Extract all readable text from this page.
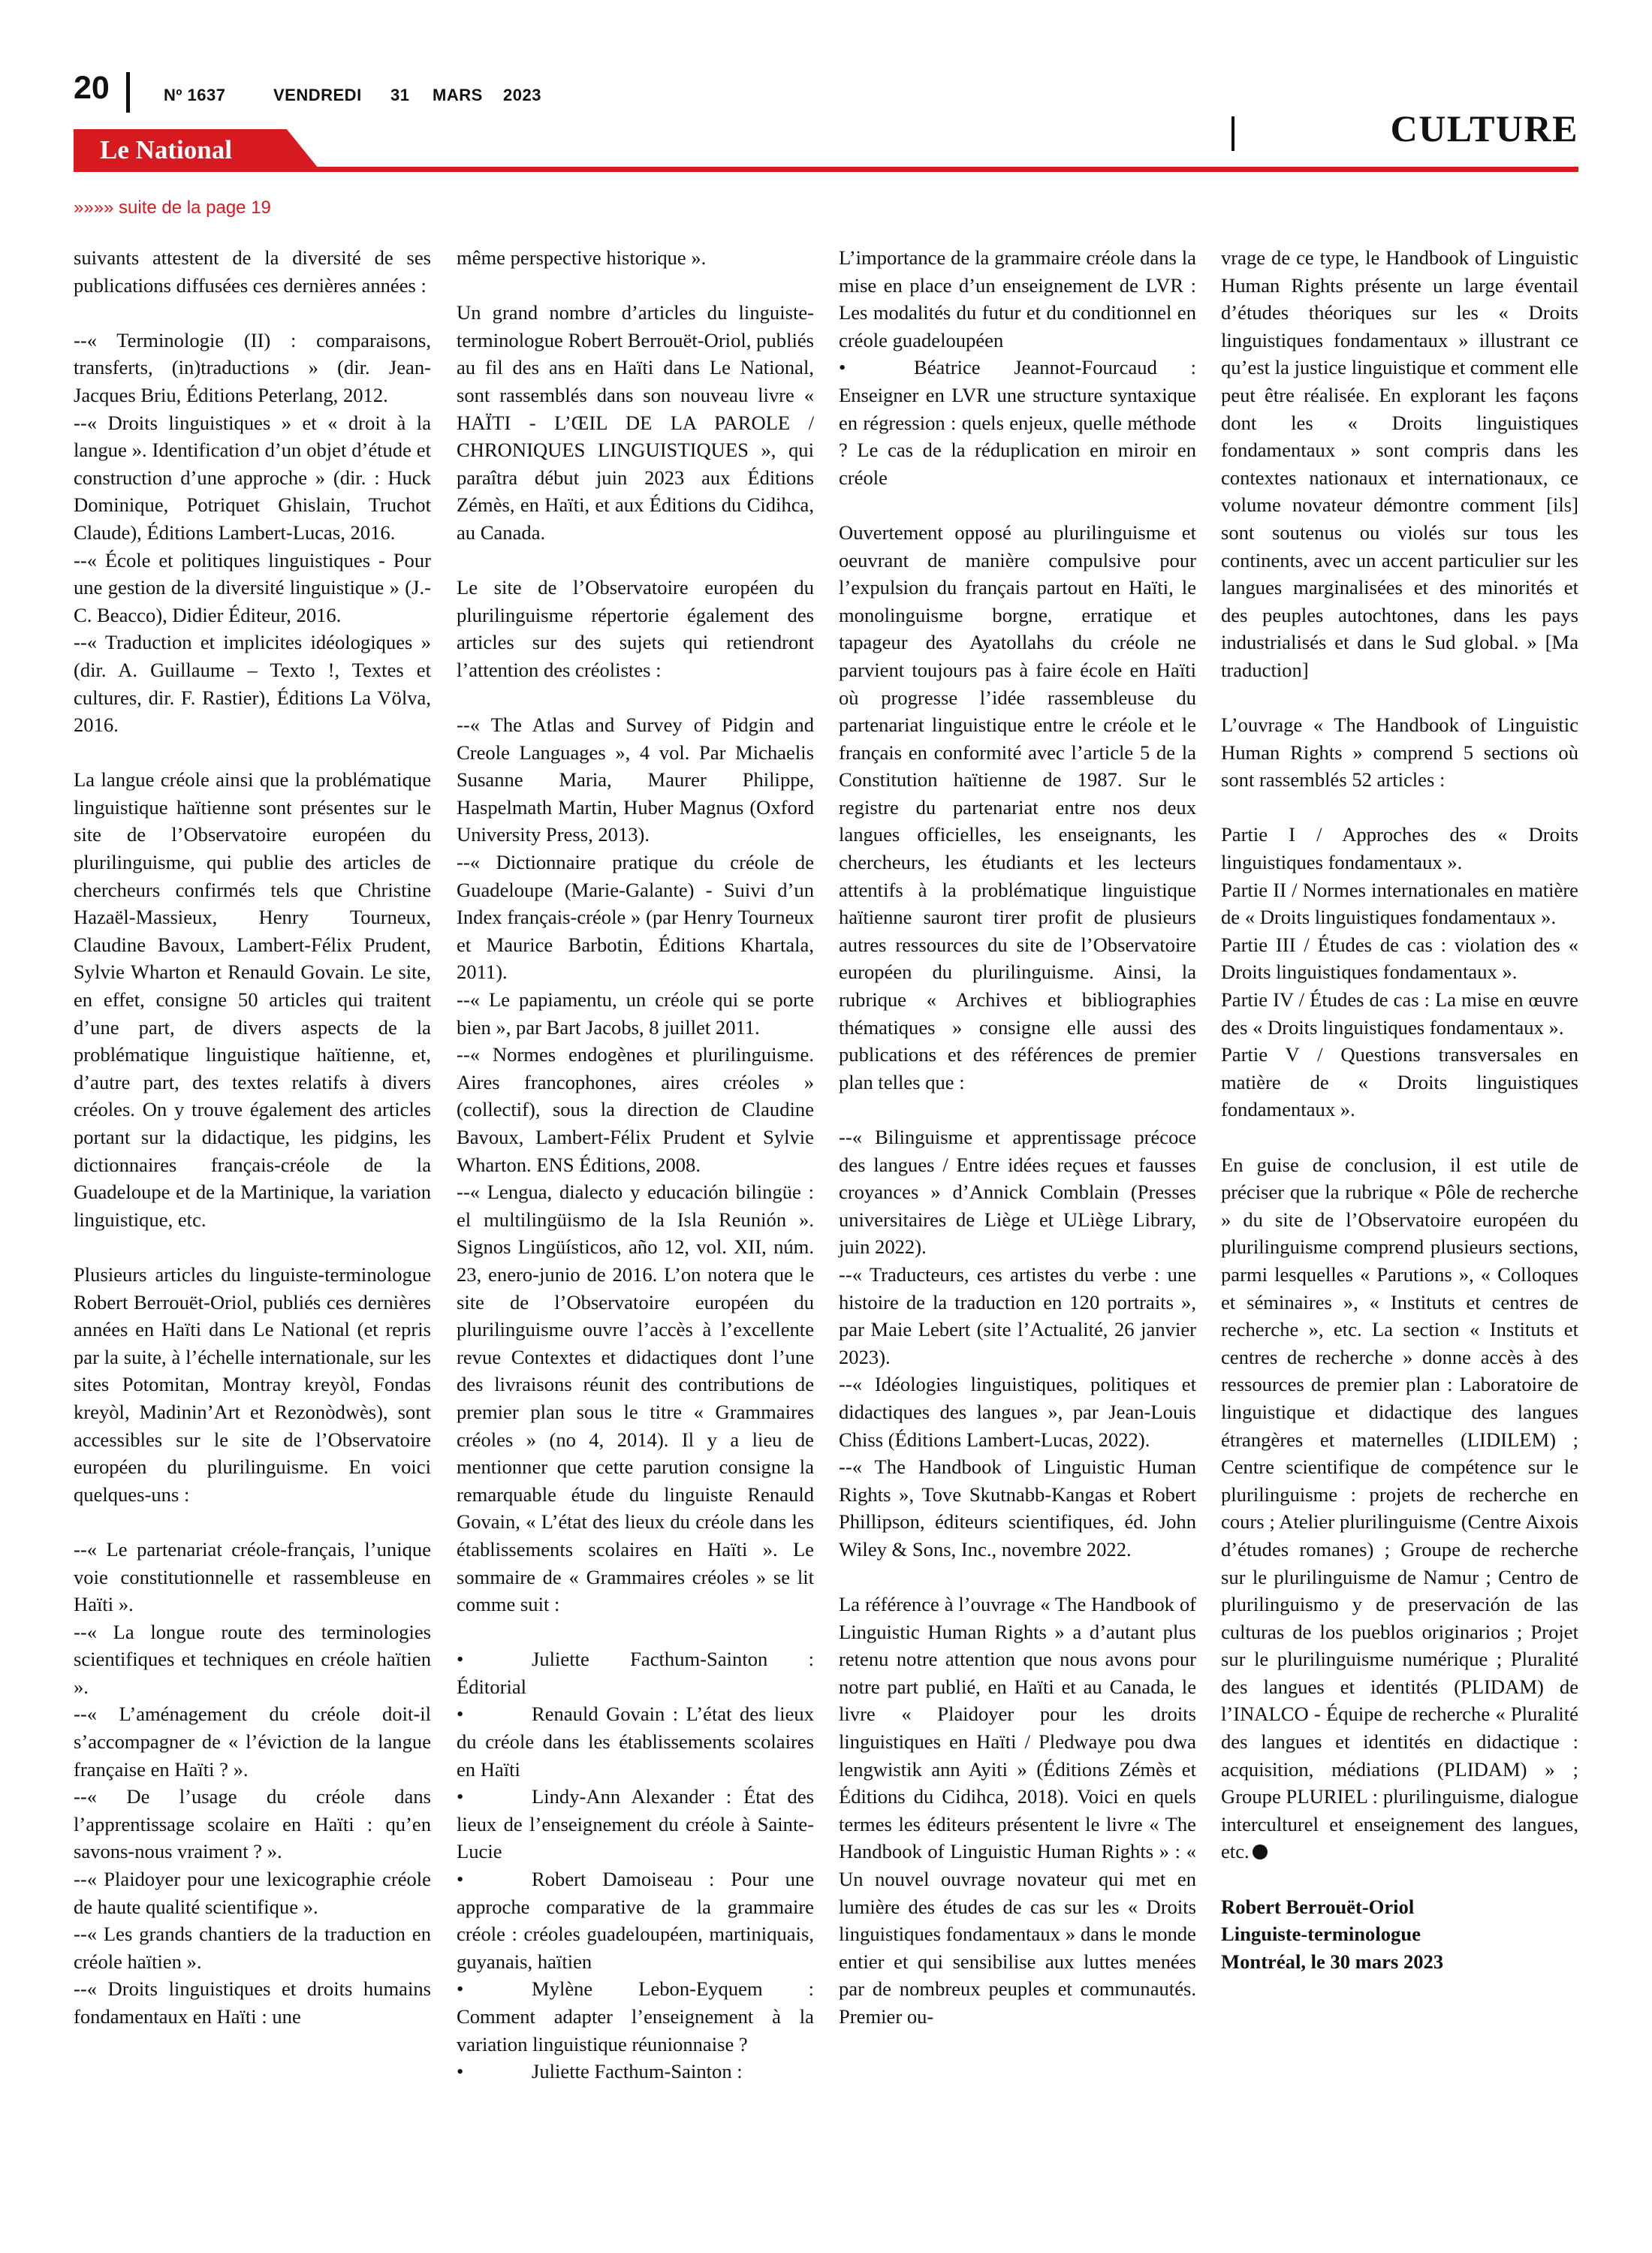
20	Nº 1637	VENDREDI 31 MARS 2023
CULTURE
Le National
»»»» suite de la page 19

suivants attestent de la diversité de ses publications diffusées ces dernières années :

--« Terminologie (II) : comparaisons, transferts, (in)traductions » (dir. Jean-Jacques Briu, Éditions Peterlang, 2012.

--« Droits linguistiques » et « droit à la langue ». Identification d’un objet d’étude et construction d’une approche » (dir. : Huck Dominique, Potriquet Ghislain, Truchot Claude), Éditions Lambert-Lucas, 2016.

--« École et politiques linguistiques - Pour une gestion de la diversité linguistique » (J.-C. Beacco), Didier Éditeur, 2016.

--« Traduction et implicites idéologiques » (dir. A. Guillaume – Texto !, Textes et cultures, dir. F. Rastier), Éditions La Völva, 2016.

La langue créole ainsi que la problématique linguistique haïtienne sont présentes sur le site de l’Observatoire européen du plurilinguisme, qui publie des articles de chercheurs confirmés tels que Christine Hazaël-Massieux, Henry Tourneux, Claudine Bavoux, Lambert-Félix Prudent, Sylvie Wharton et Renauld Govain. Le site, en effet, consigne 50 articles qui traitent d’une part, de divers aspects de la problématique linguistique haïtienne, et, d’autre part, des textes relatifs à divers créoles. On y trouve également des articles portant sur la didactique, les pidgins, les dictionnaires français-créole de la Guadeloupe et de la Martinique, la variation linguistique, etc.

Plusieurs articles du linguiste-terminologue Robert Berrouët-Oriol, publiés ces dernières années en Haïti dans Le National (et repris par la suite, à l’échelle internationale, sur les sites Potomitan, Montray kreyòl, Fondas kreyòl, Madinin’Art et Rezonòdwès), sont accessibles sur le site de l’Observatoire européen du plurilinguisme. En voici quelques-uns :

--« Le partenariat créole-français, l’unique voie constitutionnelle et rassembleuse en Haïti ».

--« La longue route des terminologies scientifiques et techniques en créole haïtien ».

--« L’aménagement du créole doit-il s’accompagner de « l’éviction de la langue française en Haïti ? ».

--« De l’usage du créole dans l’apprentissage scolaire en Haïti : qu’en savons-nous vraiment ? ».

--« Plaidoyer pour une lexicographie créole de haute qualité scientifique ».

--« Les grands chantiers de la traduction en créole haïtien ».

--« Droits linguistiques et droits humains fondamentaux en Haïti : une

même perspective historique ».

Un grand nombre d’articles du linguiste-terminologue Robert Berrouët-Oriol, publiés au fil des ans en Haïti dans Le National, sont rassemblés dans son nouveau livre « HAÏTI - L’ŒIL DE LA PAROLE / CHRONIQUES LINGUISTIQUES », qui paraîtra début juin 2023 aux Éditions Zémès, en Haïti, et aux Éditions du Cidihca, au Canada.

Le site de l’Observatoire européen du plurilinguisme répertorie également des articles sur des sujets qui retiendront l’attention des créolistes :

--« The Atlas and Survey of Pidgin and Creole Languages », 4 vol. Par Michaelis Susanne Maria, Maurer Philippe, Haspelmath Martin, Huber Magnus (Oxford University Press, 2013).

--« Dictionnaire pratique du créole de Guadeloupe (Marie-Galante) - Suivi d’un Index français-créole » (par Henry Tourneux et Maurice Barbotin, Éditions Khartala, 2011).

--« Le papiamentu, un créole qui se porte bien », par Bart Jacobs, 8 juillet 2011.

--« Normes endogènes et plurilinguisme. Aires francophones, aires créoles » (collectif), sous la direction de Claudine Bavoux, Lambert-Félix Prudent et Sylvie Wharton. ENS Éditions, 2008.

--« Lengua, dialecto y educación bilingüe : el multilingüismo de la Isla Reunión ». Signos Lingüísticos, año 12, vol. XII, núm. 23, enero-junio de 2016. L’on notera que le site de l’Observatoire européen du plurilinguisme ouvre l’accès à l’excellente revue Contextes et didactiques dont l’une des livraisons réunit des contributions de premier plan sous le titre « Grammaires créoles » (no 4, 2014). Il y a lieu de mentionner que cette parution consigne la remarquable étude du linguiste Renauld Govain, « L’état des lieux du créole dans les établissements scolaires en Haïti ». Le sommaire de « Grammaires créoles » se lit comme suit :

•	Juliette Facthum-Sainton : Éditorial

•	Renauld Govain : L’état des lieux du créole dans les établissements scolaires en Haïti

•	Lindy-Ann Alexander : État des lieux de l’enseignement du créole à Sainte-Lucie

•	Robert Damoiseau : Pour une approche comparative de la grammaire créole : créoles guadeloupéen, martiniquais, guyanais, haïtien

•	Mylène Lebon-Eyquem : Comment adapter l’enseignement à la variation linguistique réunionnaise ?

•	Juliette Facthum-Sainton :

L’importance de la grammaire créole dans la mise en place d’un enseignement de LVR : Les modalités du futur et du conditionnel en créole guadeloupéen

•	Béatrice Jeannot-Fourcaud : Enseigner en LVR une structure syntaxique en régression : quels enjeux, quelle méthode ? Le cas de la réduplication en miroir en créole

Ouvertement opposé au plurilinguisme et oeuvrant de manière compulsive pour l’expulsion du français partout en Haïti, le monolinguisme borgne, erratique et tapageur des Ayatollahs du créole ne parvient toujours pas à faire école en Haïti où progresse l’idée rassembleuse du partenariat linguistique entre le créole et le français en conformité avec l’article 5 de la Constitution haïtienne de 1987. Sur le registre du partenariat entre nos deux langues officielles, les enseignants, les chercheurs, les étudiants et les lecteurs attentifs à la problématique linguistique haïtienne sauront tirer profit de plusieurs autres ressources du site de l’Observatoire européen du plurilinguisme. Ainsi, la rubrique « Archives et bibliographies thématiques » consigne elle aussi des publications et des références de premier plan telles que :

--« Bilinguisme et apprentissage précoce des langues / Entre idées reçues et fausses croyances » d’Annick Comblain (Presses universitaires de Liège et ULiège Library, juin 2022).

--« Traducteurs, ces artistes du verbe : une histoire de la traduction en 120 portraits », par Maie Lebert (site l’Actualité, 26 janvier 2023).

--« Idéologies linguistiques, politiques et didactiques des langues », par Jean-Louis Chiss (Éditions Lambert-Lucas, 2022).

--« The Handbook of Linguistic Human Rights », Tove Skutnabb-Kangas et Robert Phillipson, éditeurs scientifiques, éd. John Wiley & Sons, Inc., novembre 2022.

La référence à l’ouvrage « The Handbook of Linguistic Human Rights » a d’autant plus retenu notre attention que nous avons pour notre part publié, en Haïti et au Canada, le livre « Plaidoyer pour les droits linguistiques en Haïti / Pledwaye pou dwa lengwistik ann Ayiti » (Éditions Zémès et Éditions du Cidihca, 2018). Voici en quels termes les éditeurs présentent le livre « The Handbook of Linguistic Human Rights » : « Un nouvel ouvrage novateur qui met en lumière des études de cas sur les « Droits linguistiques fondamentaux » dans le monde entier et qui sensibilise aux luttes menées par de nombreux peuples et communautés. Premier ou-

vrage de ce type, le Handbook of Linguistic Human Rights présente un large éventail d’études théoriques sur les « Droits linguistiques fondamentaux » illustrant ce qu’est la justice linguistique et comment elle peut être réalisée. En explorant les façons dont les « Droits linguistiques fondamentaux » sont compris dans les contextes nationaux et internationaux, ce volume novateur démontre comment [ils] sont soutenus ou violés sur tous les continents, avec un accent particulier sur les langues marginalisées et des minorités et des peuples autochtones, dans les pays industrialisés et dans le Sud global. » [Ma traduction]

L’ouvrage « The Handbook of Linguistic Human Rights » comprend 5 sections où sont rassemblés 52 articles :

Partie I / Approches des « Droits linguistiques fondamentaux ».

Partie II / Normes internationales en matière de « Droits linguistiques fondamentaux ».

Partie III / Études de cas : violation des « Droits linguistiques fondamentaux ».

Partie IV / Études de cas : La mise en œuvre des « Droits linguistiques fondamentaux ».

Partie V / Questions transversales en matière de « Droits linguistiques fondamentaux ».

En guise de conclusion, il est utile de préciser que la rubrique « Pôle de recherche » du site de l’Observatoire européen du plurilinguisme comprend plusieurs sections, parmi lesquelles « Parutions », « Colloques et séminaires », « Instituts et centres de recherche », etc. La section « Instituts et centres de recherche » donne accès à des ressources de premier plan : Laboratoire de linguistique et didactique des langues étrangères et maternelles (LIDILEM) ; Centre scientifique de compétence sur le plurilinguisme : projets de recherche en cours ; Atelier plurilinguisme (Centre Aixois d’études romanes) ; Groupe de recherche sur le plurilinguisme de Namur ; Centro de plurilinguismo y de preservación de las culturas de los pueblos originarios ; Projet sur le plurilinguisme numérique ; Pluralité des langues et identités (PLIDAM) de l’INALCO - Équipe de recherche « Pluralité des langues et identités en didactique : acquisition, médiations (PLIDAM) » ; Groupe PLURIEL : plurilinguisme, dialogue interculturel et enseignement des langues, etc.

Robert Berrouët-Oriol
Linguiste-terminologue
Montréal, le 30 mars 2023
